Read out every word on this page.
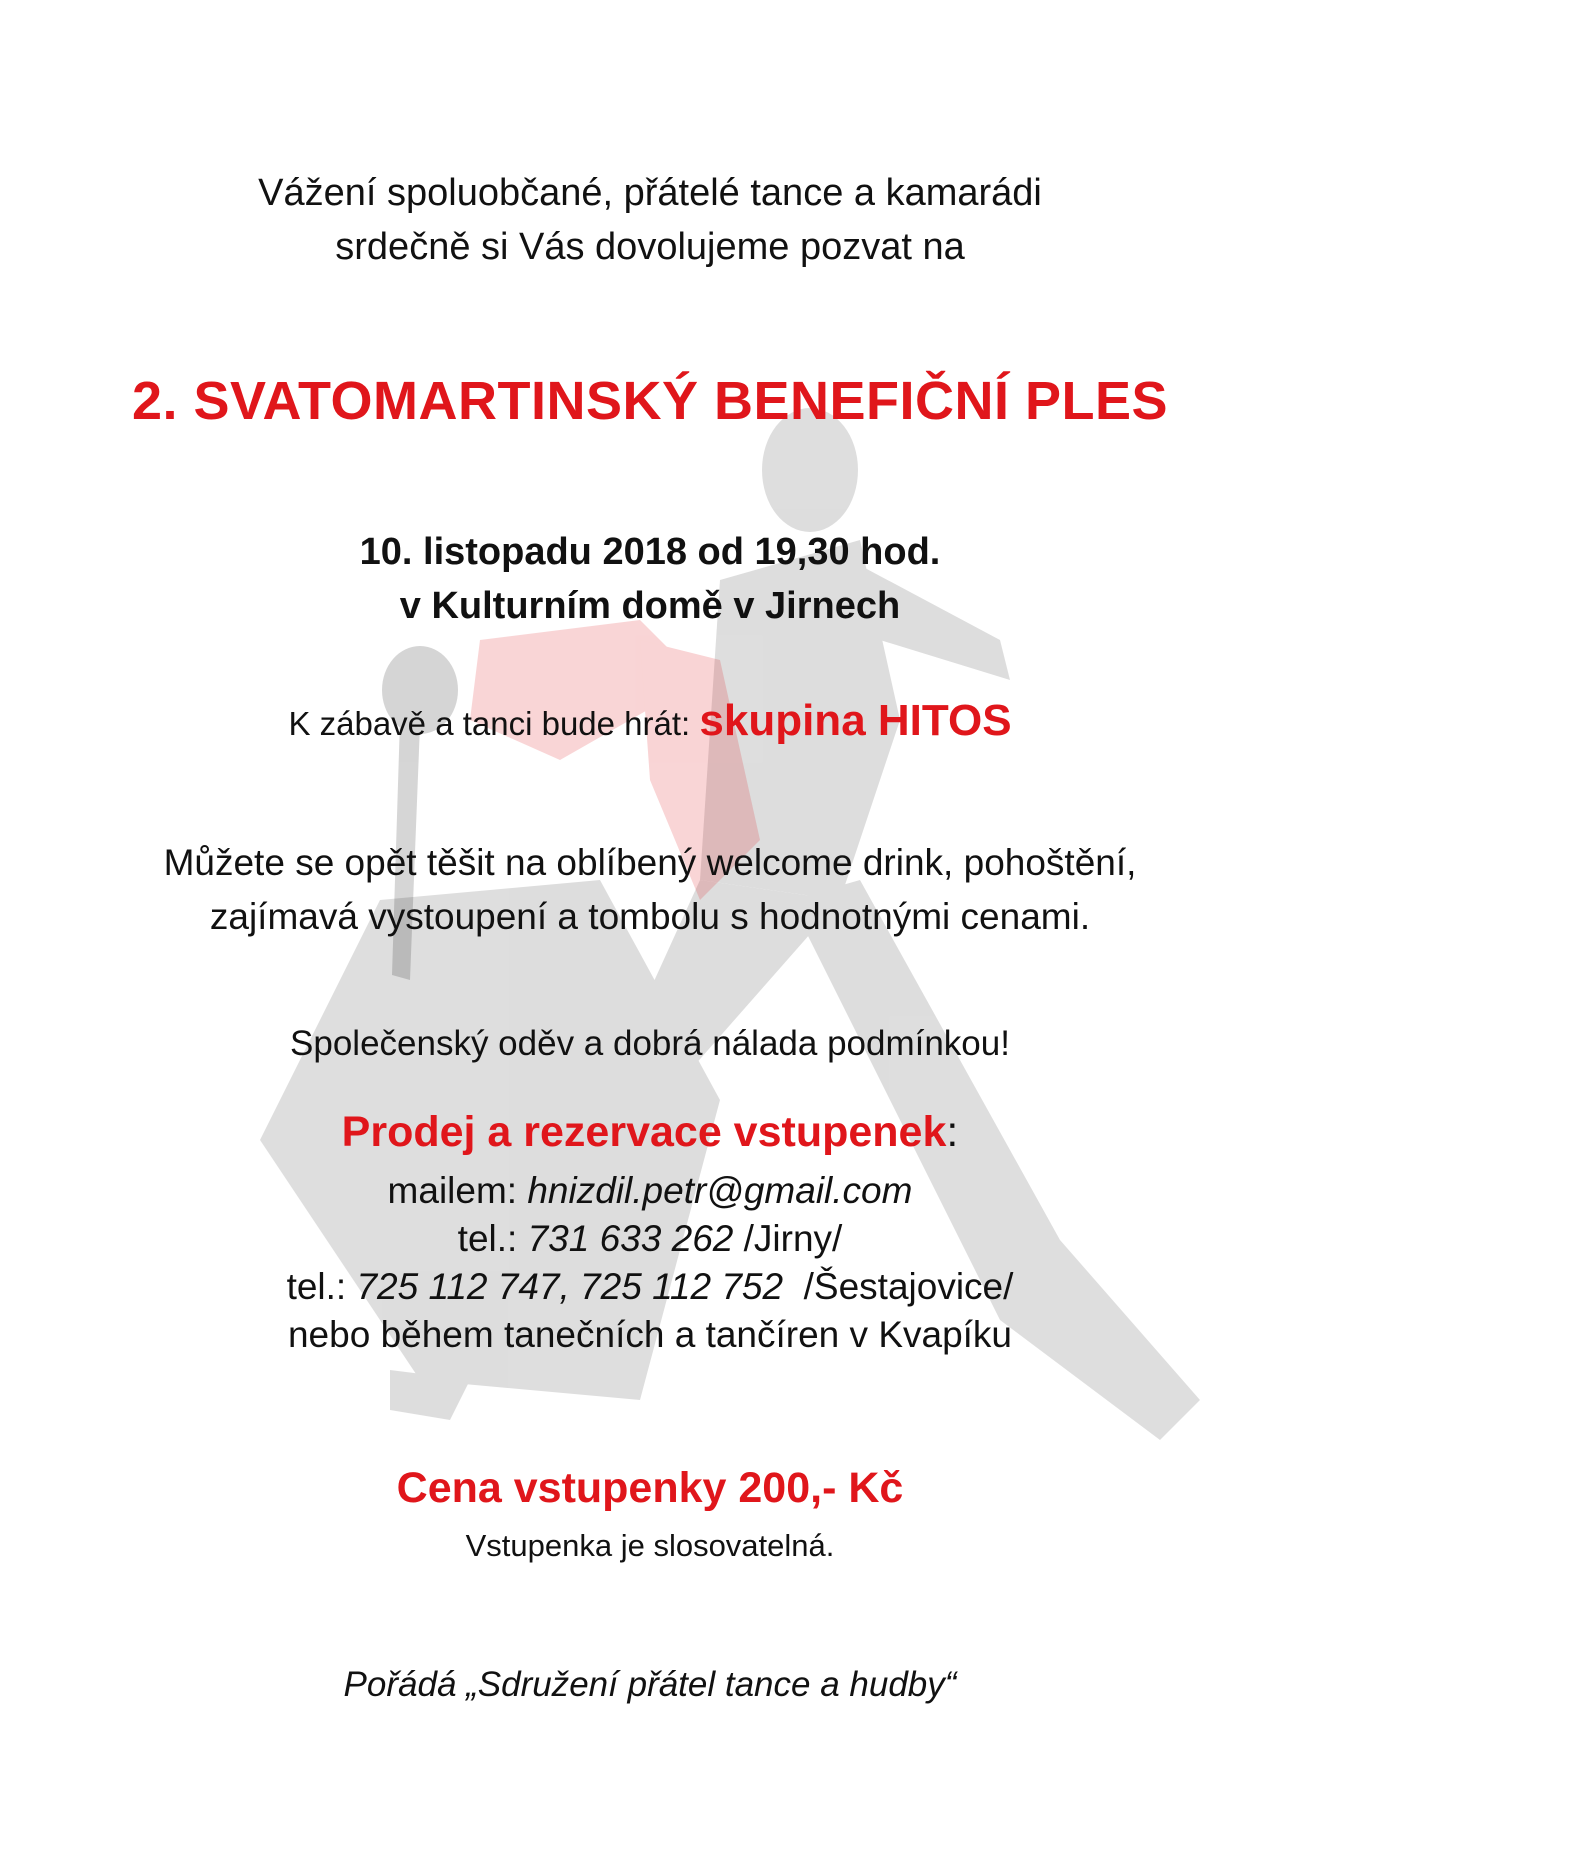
Vážení spoluobčané, přátelé tance a kamarádi
srdečně si Vás dovolujeme pozvat na

2. SVATOMARTINSKÝ BENEFIČNÍ PLES

10. listopadu 2018 od 19,30 hod.
v Kulturním domě v Jirnech

K zábavě a tanci bude hrát: skupina HITOS

Můžete se opět těšit na oblíbený welcome drink, pohoštění,
zajímavá vystoupení a tombolu s hodnotnými cenami.

Společenský oděv a dobrá nálada podmínkou!

Prodej a rezervace vstupenek:

mailem: hnizdil.petr@gmail.com
tel.: 731 633 262 /Jirny/
tel.: 725 112 747, 725 112 752 /Šestajovice/
nebo během tanečních a tančíren v Kvapíku

Cena vstupenky 200,- Kč

Vstupenka je slosovatelná.

Pořádá „Sdružení přátel tance a hudby“
